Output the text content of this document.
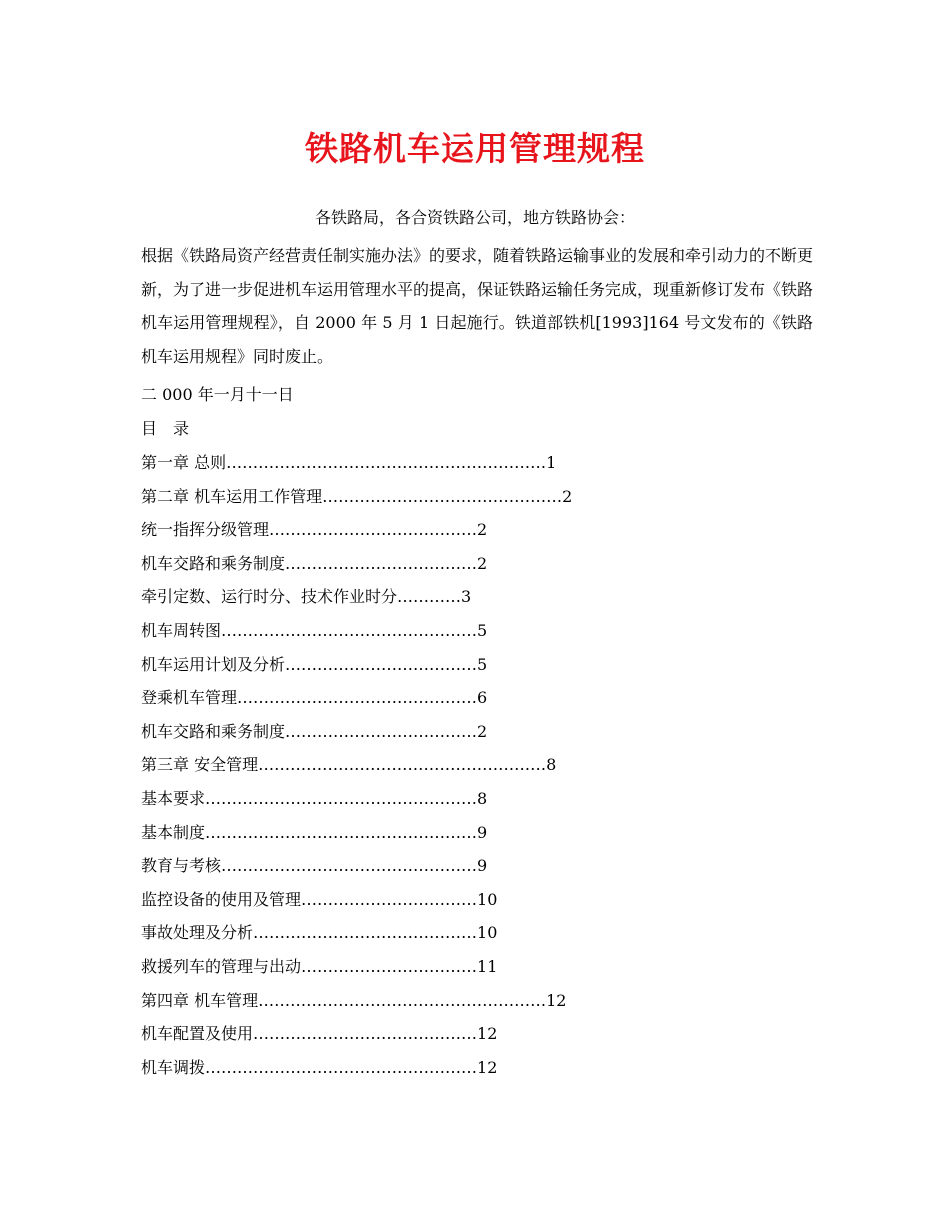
铁路机车运用管理规程
各铁路局，各合资铁路公司，地方铁路协会：

根据《铁路局资产经营责任制实施办法》的要求，随着铁路运输事业的发展和牵引动力的不断更新，为了进一步促进机车运用管理水平的提高，保证铁路运输任务完成，现重新修订发布《铁路机车运用管理规程》，自 2000 年 5 月 1 日起施行。铁道部铁机[1993]164 号文发布的《铁路机车运用规程》同时废止。

二 000 年一月十一日

目　录

第一章 总则……………………………………………………1
第二章 机车运用工作管理………………………………………2
统一指挥分级管理…………………………………2
机车交路和乘务制度………………………………2
牵引定数、运行时分、技术作业时分…………3
机车周转图…………………………………………5
机车运用计划及分析………………………………5
登乘机车管理………………………………………6
机车交路和乘务制度………………………………2
第三章 安全管理………………………………………………8
基本要求……………………………………………8
基本制度……………………………………………9
教育与考核…………………………………………9
监控设备的使用及管理……………………………10
事故处理及分析……………………………………10
救援列车的管理与出动……………………………11
第四章 机车管理………………………………………………12
机车配置及使用……………………………………12
机车调拨……………………………………………12
